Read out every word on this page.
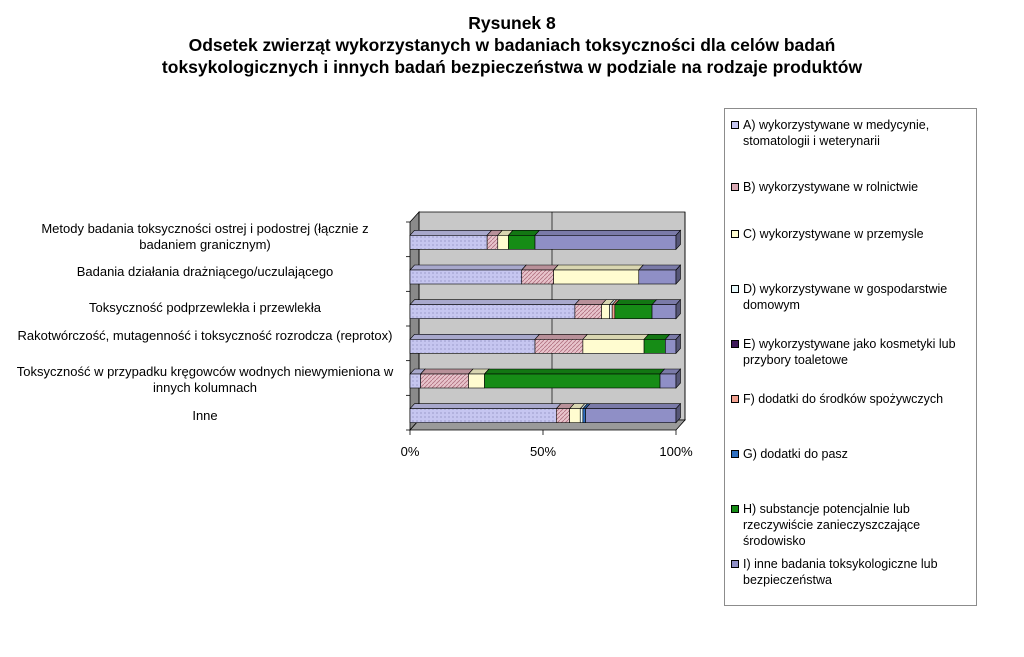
Rysunek 8
Odsetek zwierząt wykorzystanych w badaniach toksyczności dla celów badań
toksykologicznych i innych badań bezpieczeństwa w podziale na rodzaje produktów
Metody badania toksyczności ostrej i podostrej (łącznie z badaniem granicznym)
Badania działania drażniącego/uczulającego
Toksyczność podprzewlekła i przewlekła
Rakotwórczość, mutagenność i toksyczność rozrodcza (reprotox)
Toksyczność w przypadku kręgowców wodnych niewymieniona w innych kolumnach
Inne
0%	50%	100%
A) wykorzystywane w medycynie, stomatologii i weterynarii
B) wykorzystywane w rolnictwie
C) wykorzystywane w przemysle
D) wykorzystywane w gospodarstwie domowym
E) wykorzystywane jako kosmetyki lub przybory toaletowe
F) dodatki do środków spożywczych
G) dodatki do pasz
H) substancje potencjalnie lub rzeczywiście zanieczyszczające środowisko
I) inne badania toksykologiczne lub bezpieczeństwa
